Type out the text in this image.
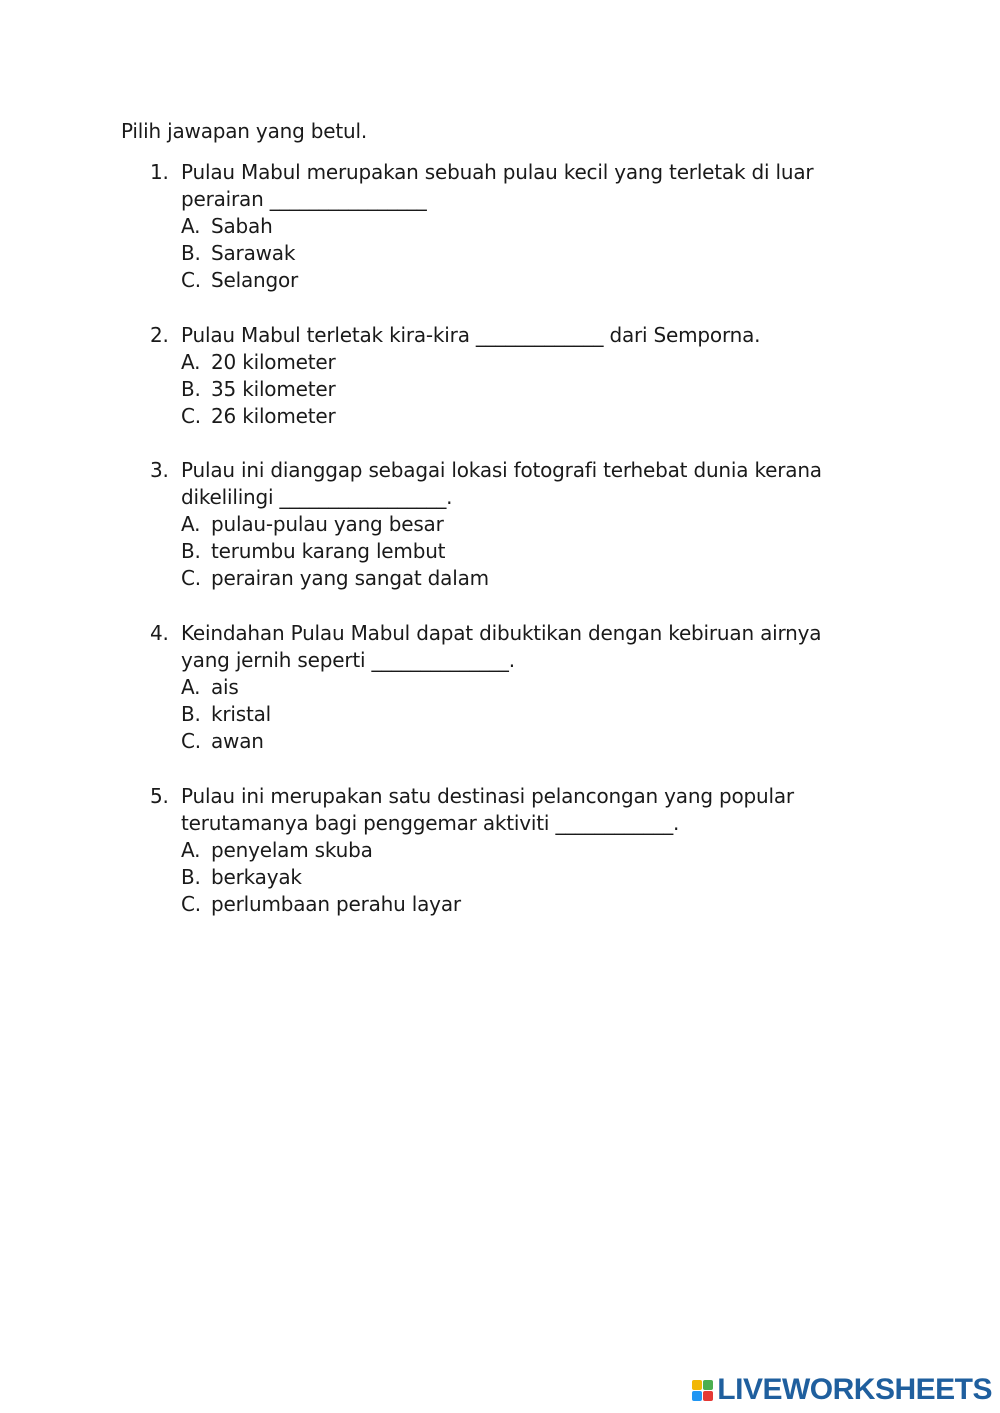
Pilih jawapan yang betul.
1. Pulau Mabul merupakan sebuah pulau kecil yang terletak di luar perairan ________________
A. Sabah
B. Sarawak
C. Selangor
2. Pulau Mabul terletak kira-kira _____________ dari Semporna.
A. 20 kilometer
B. 35 kilometer
C. 26 kilometer
3. Pulau ini dianggap sebagai lokasi fotografi terhebat dunia kerana dikelilingi _________________.
A. pulau-pulau yang besar
B. terumbu karang lembut
C. perairan yang sangat dalam
4. Keindahan Pulau Mabul dapat dibuktikan dengan kebiruan airnya yang jernih seperti ______________.
A. ais
B. kristal
C. awan
5. Pulau ini merupakan satu destinasi pelancongan yang popular terutamanya bagi penggemar aktiviti ____________.
A. penyelam skuba
B. berkayak
C. perlumbaan perahu layar
LIVEWORKSHEETS
